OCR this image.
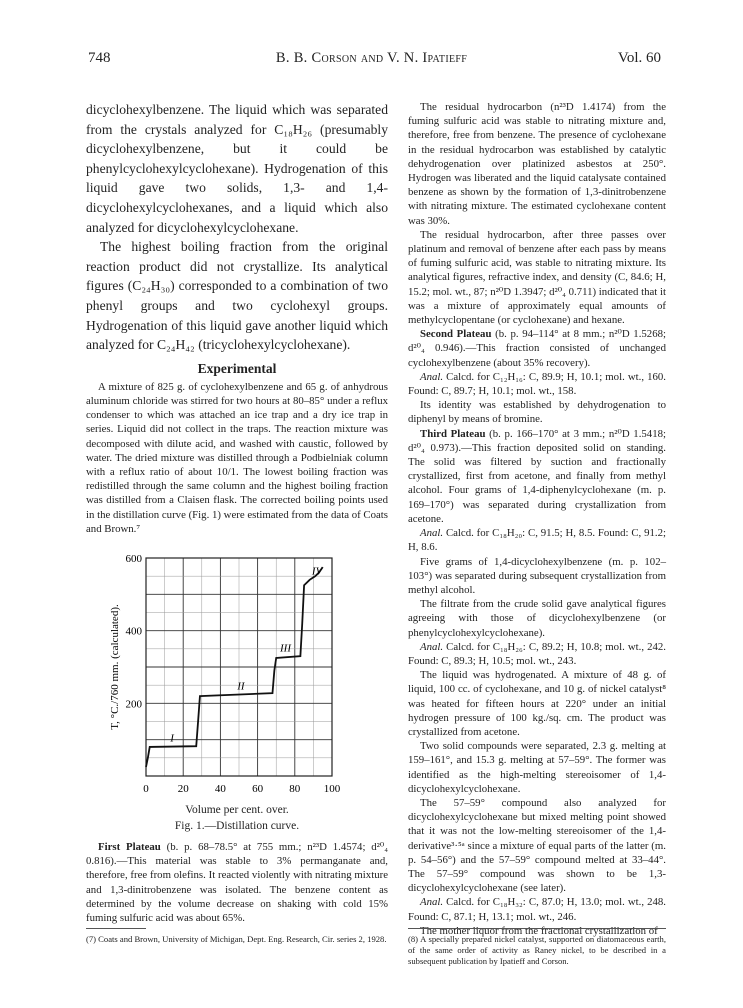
748	B. B. Corson and V. N. Ipatieff	Vol. 60

dicyclohexylbenzene. The liquid which was separated from the crystals analyzed for C₁₈H₂₆ (presumably dicyclohexylbenzene, but it could be phenylcyclohexylcyclohexane). Hydrogenation of this liquid gave two solids, 1,3- and 1,4-dicyclohexylcyclohexanes, and a liquid which also analyzed for dicyclohexylcyclohexane.

The highest boiling fraction from the original reaction product did not crystallize. Its analytical figures (C₂₄H₃₀) corresponded to a combination of two phenyl groups and two cyclohexyl groups. Hydrogenation of this liquid gave another liquid which analyzed for C₂₄H₄₂ (tricyclohexylcyclohexane).

Experimental

A mixture of 825 g. of cyclohexylbenzene and 65 g. of anhydrous aluminum chloride was stirred for two hours at 80–85° under a reflux condenser to which was attached an ice trap and a dry ice trap in series. Liquid did not collect in the traps. The reaction mixture was decomposed with dilute acid, and washed with caustic, followed by water. The dried mixture was distilled through a Podbielniak column with a reflux ratio of about 10/1. The lowest boiling fraction was redistilled through the same column and the highest boiling fraction was distilled from a Claisen flask. The corrected boiling points used in the distillation curve (Fig. 1) were estimated from the data of Coats and Brown.⁷

200
400
600
0	20 40 60 80 100
T, °C./760 mm. (calculated).
I
II
III
IV
Volume per cent. over.
Fig. 1.—Distillation curve.

First Plateau (b. p. 68–78.5° at 755 mm.; n²³D 1.4574; d²⁰₄ 0.816).—This material was stable to 3% permanganate and, therefore, free from olefins. It reacted violently with nitrating mixture and 1,3-dinitrobenzene was isolated. The benzene content as determined by the volume decrease on shaking with cold 15% fuming sulfuric acid was about 65%.

The residual hydrocarbon (n²³D 1.4174) from the fuming sulfuric acid was stable to nitrating mixture and, therefore, free from benzene. The presence of cyclohexane in the residual hydrocarbon was established by catalytic dehydrogenation over platinized asbestos at 250°. Hydrogen was liberated and the liquid catalysate contained benzene as shown by the formation of 1,3-dinitrobenzene with nitrating mixture. The estimated cyclohexane content was 30%.

The residual hydrocarbon, after three passes over platinum and removal of benzene after each pass by means of fuming sulfuric acid, was stable to nitrating mixture. Its analytical figures, refractive index, and density (C, 84.6; H, 15.2; mol. wt., 87; n²⁰D 1.3947; d²⁰₄ 0.711) indicated that it was a mixture of approximately equal amounts of methylcyclopentane (or cyclohexane) and hexane.

Second Plateau (b. p. 94–114° at 8 mm.; n²⁰D 1.5268; d²⁰₄ 0.946).—This fraction consisted of unchanged cyclohexylbenzene (about 35% recovery).

Anal. Calcd. for C₁₂H₁₆: C, 89.9; H, 10.1; mol. wt., 160. Found: C, 89.7; H, 10.1; mol. wt., 158.

Its identity was established by dehydrogenation to diphenyl by means of bromine.

Third Plateau (b. p. 166–170° at 3 mm.; n²⁰D 1.5418; d²⁰₄ 0.973).—This fraction deposited solid on standing. The solid was filtered by suction and fractionally crystallized, first from acetone, and finally from methyl alcohol. Four grams of 1,4-diphenylcyclohexane (m. p. 169–170°) was separated during crystallization from acetone.

Anal. Calcd. for C₁₈H₂₀: C, 91.5; H, 8.5. Found: C, 91.2; H, 8.6.

Five grams of 1,4-dicyclohexylbenzene (m. p. 102–103°) was separated during subsequent crystallization from methyl alcohol.

The filtrate from the crude solid gave analytical figures agreeing with those of dicyclohexylbenzene (or phenylcyclohexylcyclohexane).

Anal. Calcd. for C₁₈H₂₆: C, 89.2; H, 10.8; mol. wt., 242. Found: C, 89.3; H, 10.5; mol. wt., 243.

The liquid was hydrogenated. A mixture of 48 g. of liquid, 100 cc. of cyclohexane, and 10 g. of nickel catalyst⁸ was heated for fifteen hours at 220° under an initial hydrogen pressure of 100 kg./sq. cm. The product was crystallized from acetone.

Two solid compounds were separated, 2.3 g. melting at 159–161°, and 15.3 g. melting at 57–59°. The former was identified as the high-melting stereoisomer of 1,4-dicyclohexylcyclohexane.

The 57–59° compound also analyzed for dicyclohexylcyclohexane but mixed melting point showed that it was not the low-melting stereoisomer of the 1,4-derivative³·⁵ᵃ since a mixture of equal parts of the latter (m. p. 54–56°) and the 57–59° compound melted at 33–44°. The 57–59° compound was shown to be 1,3-dicyclohexylcyclohexane (see later).

Anal. Calcd. for C₁₈H₃₂: C, 87.0; H, 13.0; mol. wt., 248. Found: C, 87.1; H, 13.1; mol. wt., 246.

The mother liquor from the fractional crystallization of

(7) Coats and Brown, University of Michigan, Dept. Eng. Research, Cir. series 2, 1928.	(8) A specially prepared nickel catalyst, supported on diatomaceous earth, of the same order of activity as Raney nickel, to be described in a subsequent publication by Ipatieff and Corson.
